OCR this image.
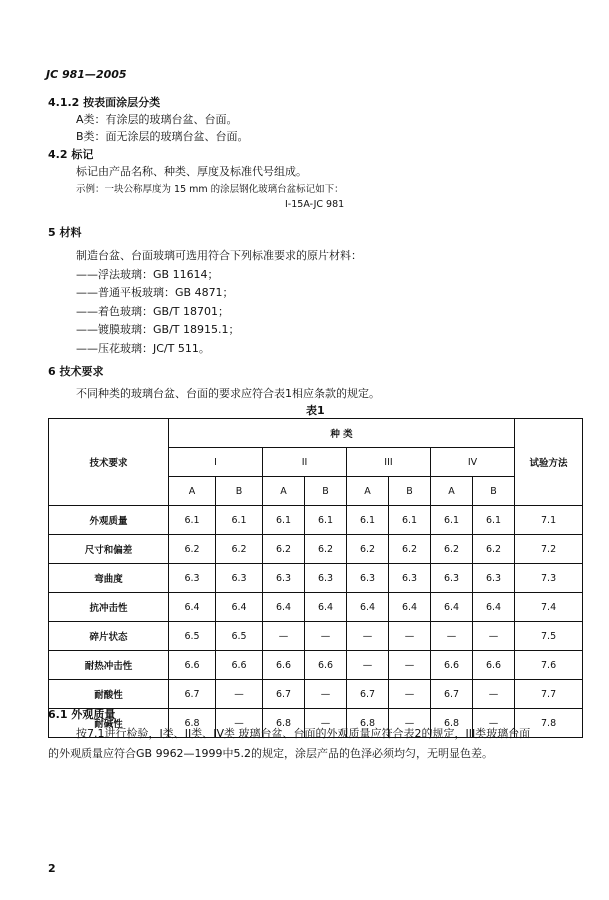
JC 981—2005
4.1.2 按表面涂层分类
A类：有涂层的玻璃台盆、台面。
B类：面无涂层的玻璃台盆、台面。
4.2 标记
标记由产品名称、种类、厚度及标准代号组成。
示例：一块公称厚度为 15 mm 的涂层钢化玻璃台盆标记如下：
I-15A-JC 981
5 材料
制造台盆、台面玻璃可选用符合下列标准要求的原片材料：
——浮法玻璃：GB 11614；
——普通平板玻璃：GB 4871；
——着色玻璃：GB/T 18701；
——镀膜玻璃：GB/T 18915.1；
——压花玻璃：JC/T 511。
6 技术要求
不同种类的玻璃台盆、台面的要求应符合表1相应条款的规定。
表1
技术要求	种 类								试验方法
	I		II		III		IV		
	A	B	A	B	A	B	A	B	
外观质量	6.1	6.1	6.1	6.1	6.1	6.1	6.1	6.1	7.1
尺寸和偏差	6.2	6.2	6.2	6.2	6.2	6.2	6.2	6.2	7.2
弯曲度	6.3	6.3	6.3	6.3	6.3	6.3	6.3	6.3	7.3
抗冲击性	6.4	6.4	6.4	6.4	6.4	6.4	6.4	6.4	7.4
碎片状态	6.5	6.5	—	—	—	—	—	—	7.5
耐热冲击性	6.6	6.6	6.6	6.6	—	—	6.6	6.6	7.6
耐酸性	6.7	—	6.7	—	6.7	—	6.7	—	7.7
耐碱性	6.8	—	6.8	—	6.8	—	6.8	—	7.8
6.1 外观质量
按7.1进行检验，I类、II类、IV类 玻璃台盆、台面的外观质量应符合表2的规定，III类玻璃台面
的外观质量应符合GB 9962—1999中5.2的规定，涂层产品的色泽必须均匀，无明显色差。
2
